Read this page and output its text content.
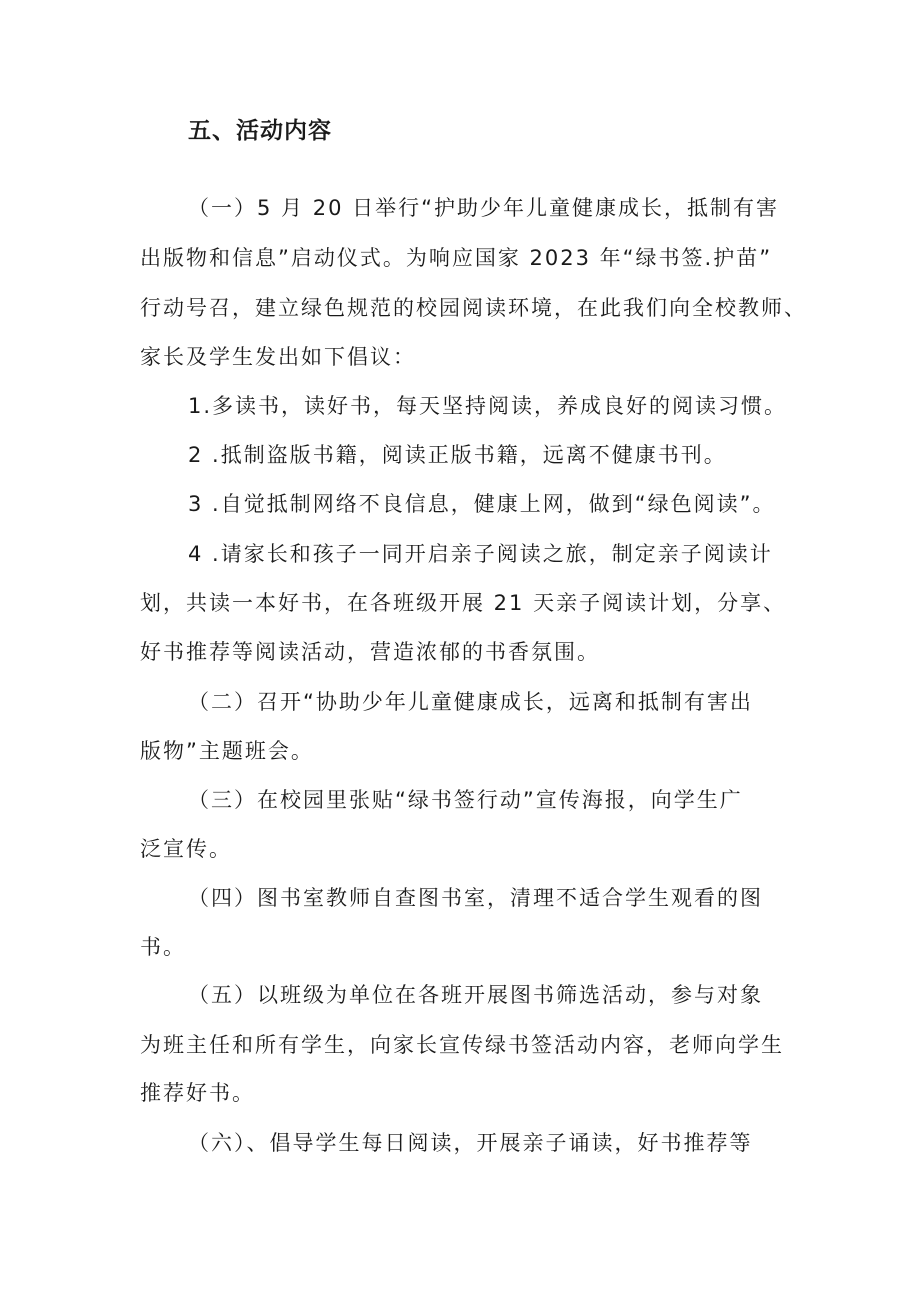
五、活动内容
（一）5 月 20 日举行“护助少年儿童健康成长，抵制有害
出版物和信息”启动仪式。为响应国家 2023 年“绿书签.护苗”
行动号召，建立绿色规范的校园阅读环境，在此我们向全校教师、
家长及学生发出如下倡议：
1.多读书，读好书，每天坚持阅读，养成良好的阅读习惯。
2 .抵制盗版书籍，阅读正版书籍，远离不健康书刊。
3 .自觉抵制网络不良信息，健康上网，做到“绿色阅读”。
4 .请家长和孩子一同开启亲子阅读之旅，制定亲子阅读计
划，共读一本好书，在各班级开展 21 天亲子阅读计划，分享、
好书推荐等阅读活动，营造浓郁的书香氛围。
（二）召开“协助少年儿童健康成长，远离和抵制有害出
版物”主题班会。
（三）在校园里张贴“绿书签行动”宣传海报，向学生广
泛宣传。
（四）图书室教师自查图书室，清理不适合学生观看的图
书。
（五）以班级为单位在各班开展图书筛选活动，参与对象
为班主任和所有学生，向家长宣传绿书签活动内容，老师向学生
推荐好书。
（六）、倡导学生每日阅读，开展亲子诵读，好书推荐等
